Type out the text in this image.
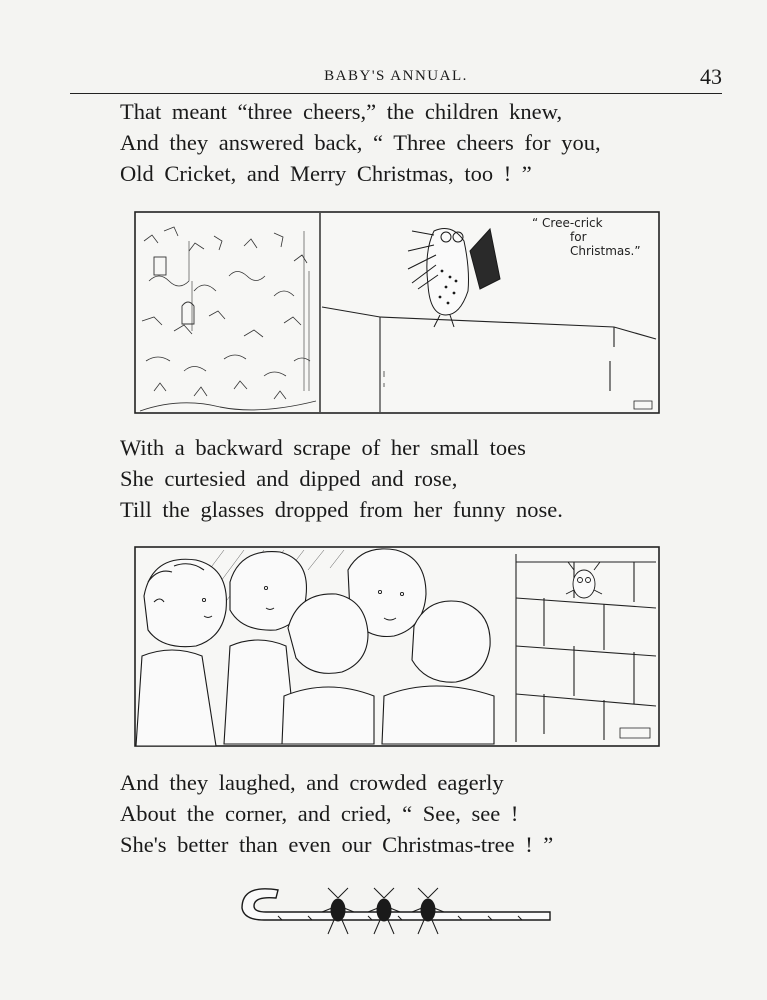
BABY'S ANNUAL.	43
That meant “three cheers,” the children knew,
And they answered back, “ Three cheers for you,
Old Cricket, and Merry Christmas, too ! ”
“ Cree-crick
for
Christmas.”
With a backward scrape of her small toes
She curtesied and dipped and rose,
Till the glasses dropped from her funny nose.
And they laughed, and crowded eagerly
About the corner, and cried, “ See, see !
She's better than even our Christmas-tree ! ”
